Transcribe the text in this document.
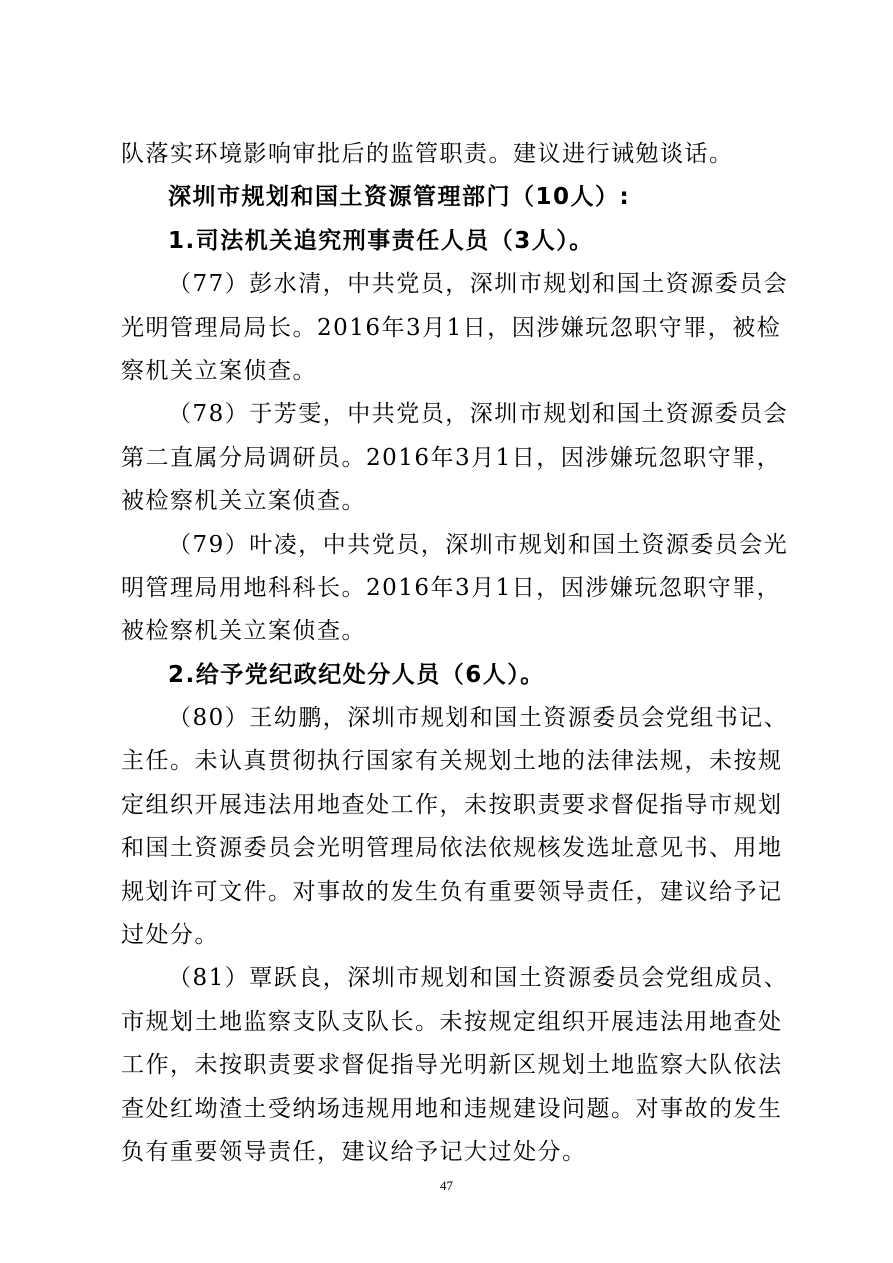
队落实环境影响审批后的监管职责。建议进行诫勉谈话。
深圳市规划和国土资源管理部门（10人）:
1.司法机关追究刑事责任人员（3人）。
（77）彭水清，中共党员，深圳市规划和国土资源委员会
光明管理局局长。2016年3月1日，因涉嫌玩忽职守罪，被检
察机关立案侦查。
（78）于芳雯，中共党员，深圳市规划和国土资源委员会
第二直属分局调研员。2016年3月1日，因涉嫌玩忽职守罪，
被检察机关立案侦查。
（79）叶凌，中共党员，深圳市规划和国土资源委员会光
明管理局用地科科长。2016年3月1日，因涉嫌玩忽职守罪，
被检察机关立案侦查。
2.给予党纪政纪处分人员（6人）。
（80）王幼鹏，深圳市规划和国土资源委员会党组书记、
主任。未认真贯彻执行国家有关规划土地的法律法规，未按规
定组织开展违法用地查处工作，未按职责要求督促指导市规划
和国土资源委员会光明管理局依法依规核发选址意见书、用地
规划许可文件。对事故的发生负有重要领导责任，建议给予记
过处分。
（81）覃跃良，深圳市规划和国土资源委员会党组成员、
市规划土地监察支队支队长。未按规定组织开展违法用地查处
工作，未按职责要求督促指导光明新区规划土地监察大队依法
查处红坳渣土受纳场违规用地和违规建设问题。对事故的发生
负有重要领导责任，建议给予记大过处分。
47
